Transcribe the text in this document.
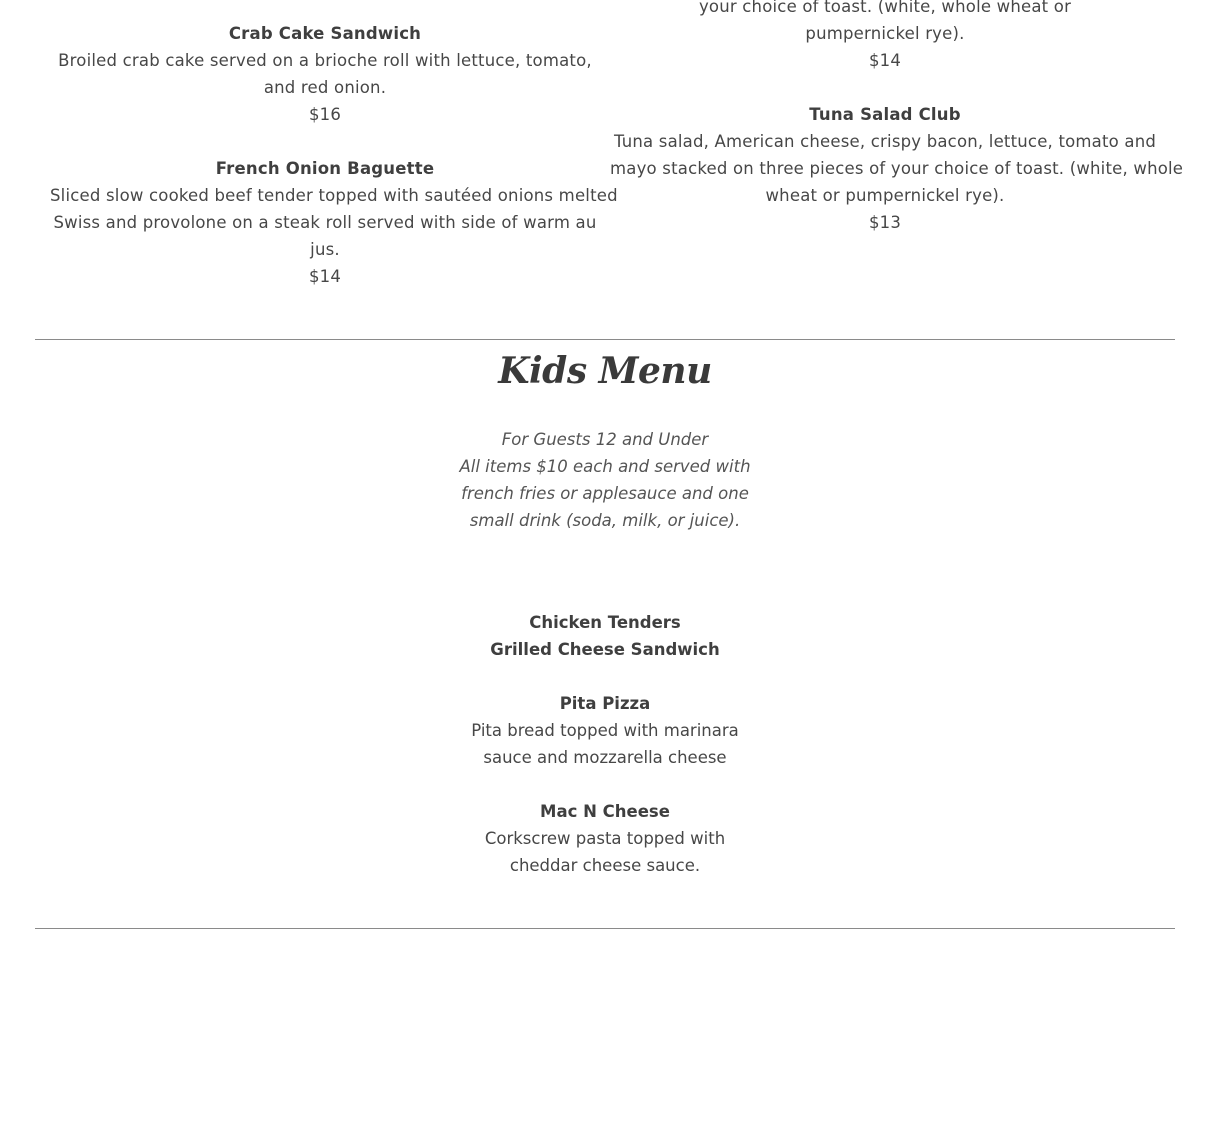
Crab Cake Sandwich
Broiled crab cake served on a brioche roll with lettuce, tomato,
and red onion.
$16
French Onion Baguette
Sliced slow cooked beef tender topped with sautéed onions melted
Swiss and provolone on a steak roll served with side of warm au
jus.
$14
your choice of toast. (white, whole wheat or
pumpernickel rye).
$14
Tuna Salad Club
Tuna salad, American cheese, crispy bacon, lettuce, tomato and
mayo stacked on three pieces of your choice of toast. (white, whole
wheat or pumpernickel rye).
$13
Kids Menu
For Guests 12 and Under
All items $10 each and served with
french fries or applesauce and one
small drink (soda, milk, or juice).
Chicken Tenders
Grilled Cheese Sandwich
Pita Pizza
Pita bread topped with marinara
sauce and mozzarella cheese
Mac N Cheese
Corkscrew pasta topped with
cheddar cheese sauce.
